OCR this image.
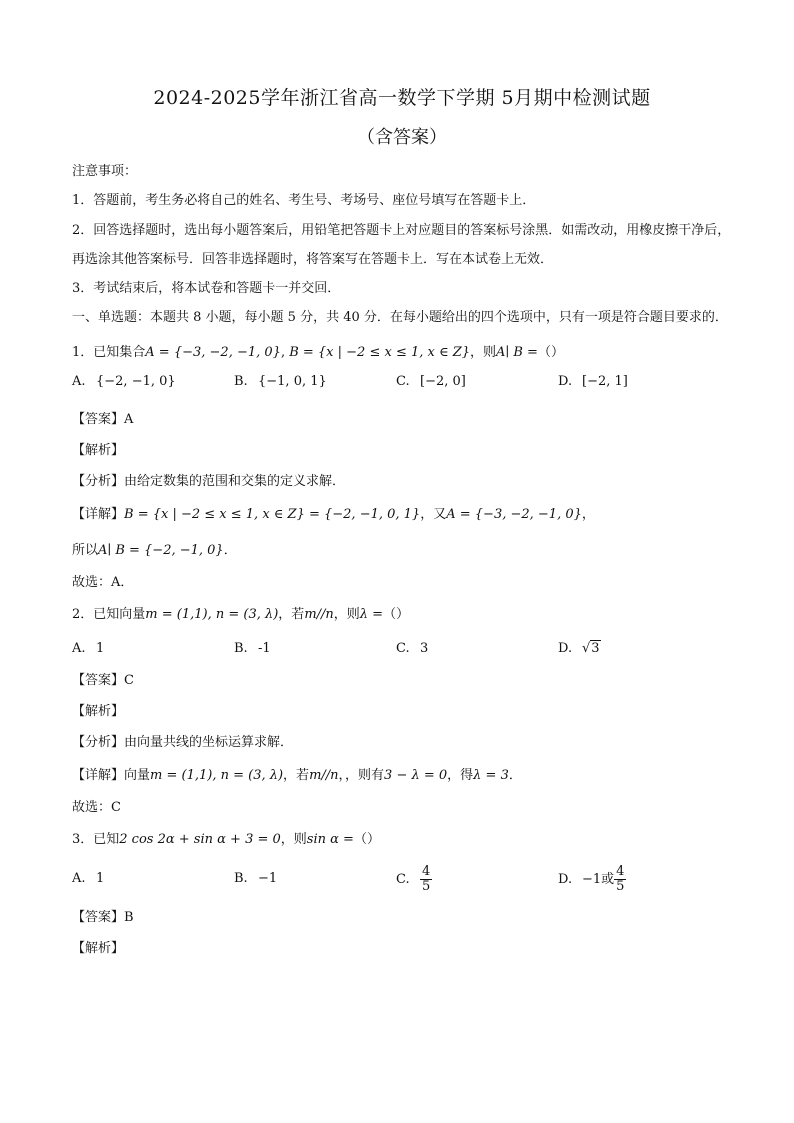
2024-2025学年浙江省高一数学下学期 5月期中检测试题
（含答案）

注意事项：

1．答题前，考生务必将自己的姓名、考生号、考场号、座位号填写在答题卡上．

2．回答选择题时，选出每小题答案后，用铅笔把答题卡上对应题目的答案标号涂黑．如需改动，用橡皮擦干净后，再选涂其他答案标号．回答非选择题时，将答案写在答题卡上．写在本试卷上无效．

3．考试结束后，将本试卷和答题卡一并交回．

一、单选题：本题共 8 小题，每小题 5 分，共 40 分．在每小题给出的四个选项中，只有一项是符合题目要求的．

1．已知集合A = {−3, −2, −1, 0}, B = {x | −2 ≤ x ≤ 1, x ∈ Z}，则A∣ B =（）

A. {−2, −1, 0}	B. {−1, 0, 1}	C. [−2, 0]	D. [−2, 1]

【答案】A

【解析】

【分析】由给定数集的范围和交集的定义求解．

【详解】B = {x | −2 ≤ x ≤ 1, x ∈ Z} = {−2, −1, 0, 1}，又A = {−3, −2, −1, 0}，

所以A∣ B = {−2, −1, 0}．

故选：A．

2．已知向量m = (1,1), n = (3, λ)，若m//n，则λ =（）

A. 1	B. -1	C. 3	D. √3

【答案】C

【解析】

【分析】由向量共线的坐标运算求解．

【详解】向量m = (1,1), n = (3, λ)，若m//n，，则有3 − λ = 0，得λ = 3．

故选：C

3．已知2 cos 2α + sin α + 3 = 0，则sin α =（）

A. 1	B. −1	C. $\frac{4}{5}$	D. −1或 $\frac{4}{5}$

【答案】B

【解析】
